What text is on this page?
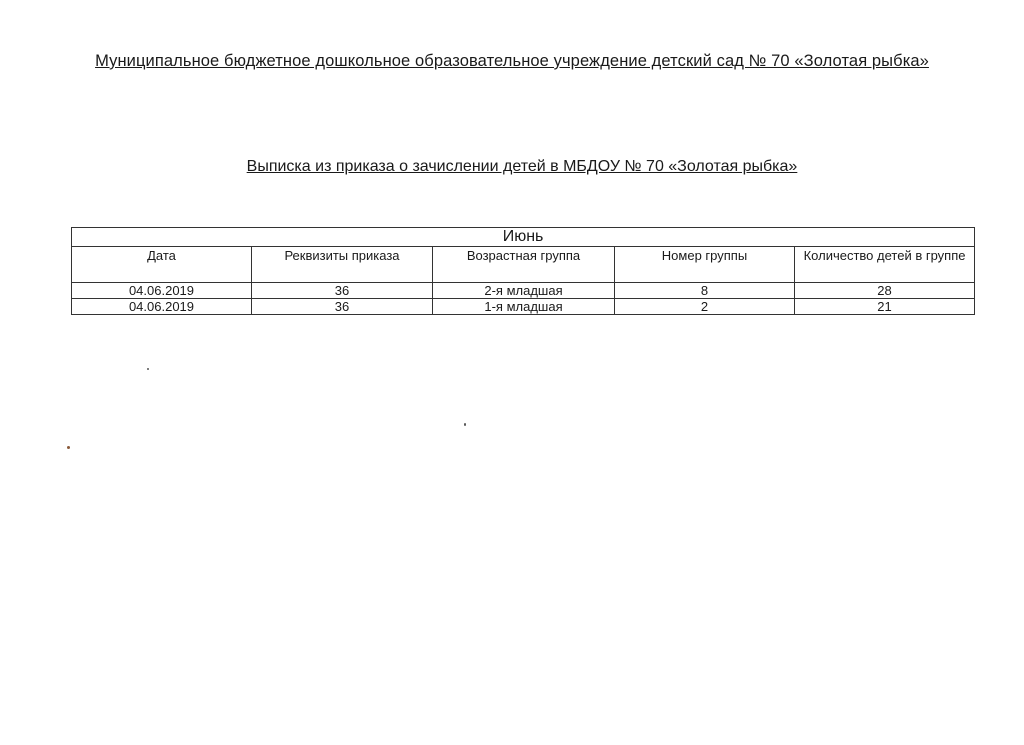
Муниципальное бюджетное дошкольное образовательное учреждение детский сад № 70 «Золотая рыбка»
Выписка из приказа о зачислении детей в МБДОУ № 70 «Золотая рыбка»
Июнь				
Дата	Реквизиты приказа	Возрастная группа	Номер группы	Количество детей в группе
04.06.2019	36	2-я младшая	8	28
04.06.2019	36	1-я младшая	2	21
